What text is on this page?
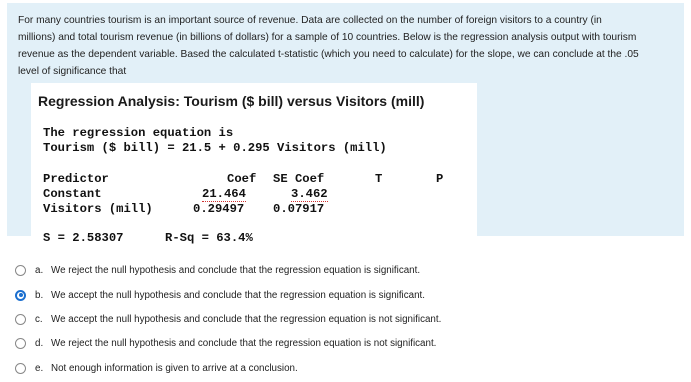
For many countries tourism is an important source of revenue. Data are collected on the number of foreign visitors to a country (in
millions) and total tourism revenue (in billions of dollars) for a sample of 10 countries. Below is the regression analysis output with tourism
revenue as the dependent variable. Based the calculated t-statistic (which you need to calculate) for the slope, we can conclude at the .05
level of significance that
Regression Analysis: Tourism ($ bill) versus Visitors (mill)
The regression equation is
Tourism ($ bill) = 21.5 + 0.295 Visitors (mill)
Predictor	Coef SE Coef	T	P
Constant	21.464	3.462
Visitors (mill)	0.29497 0.07917
S = 2.58307	R-Sq = 63.4%
a. We reject the null hypothesis and conclude that the regression equation is significant.
b. We accept the null hypothesis and conclude that the regression equation is significant.
c. We accept the null hypothesis and conclude that the regression equation is not significant.
d. We reject the null hypothesis and conclude that the regression equation is not significant.
e. Not enough information is given to arrive at a conclusion.
